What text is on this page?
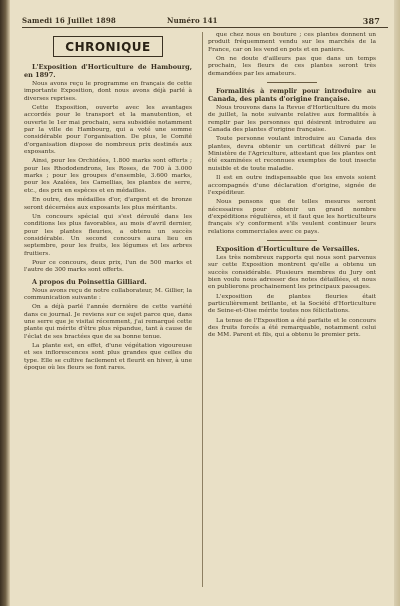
Samedi 16 Juillet 1898	Numéro 141	387
CHRONIQUE
L'Exposition d'Horticulture de Hambourg, en 1897.

Nous avons reçu le programme en français de cette importante Exposition, dont nous avons déjà parlé à diverses reprises.

Cette Exposition, ouverte avec les avantages accordés pour le transport et la manutention, et ouverte le 1er mai prochain, sera subsidiée notamment par la ville de Hambourg, qui a voté une somme considérable pour l'organisation. De plus, le Comité d'organisation dispose de nombreux prix destinés aux exposants.

Ainsi, pour les Orchidées, 1.800 marks sont offerts ; pour les Rhododendrons, les Roses, de 700 à 3.000 marks ; pour les groupes d'ensemble, 3.600 marks, pour les Azalées, les Camellias, les plantes de serre, etc., des prix en espèces et en médailles.

En outre, des médailles d'or, d'argent et de bronze seront décernées aux exposants les plus méritants.

Un concours spécial qui s'est déroulé dans les conditions les plus favorables, au mois d'avril dernier, pour les plantes fleuries, a obtenu un succès considérable. Un second concours aura lieu en septembre, pour les fruits, les légumes et les arbres fruitiers.

Pour ce concours, deux prix, l'un de 500 marks et l'autre de 300 marks sont offerts.

A propos du Poinsettia Gilliard.

Nous avons reçu de notre collaborateur, M. Gillier, la communication suivante :

On a déjà parlé l'année dernière de cette variété dans ce journal. Je reviens sur ce sujet parce que, dans une serre que je visitai récemment, j'ai remarqué cette plante qui mérite d'être plus répandue, tant à cause de l'éclat de ses bractées que de sa bonne tenue.

La plante est, en effet, d'une végétation vigoureuse et ses inflorescences sont plus grandes que celles du type. Elle se cultive facilement et fleurit en hiver, à une époque où les fleurs se font rares.

que chez nous en bouture ; ces plantes donnent un produit fréquemment vendu sur les marchés de la France, car on les vend en pots et en paniers.

On ne doute d'ailleurs pas que dans un temps prochain, les fleurs de ces plantes seront très demandées par les amateurs.

Formalités à remplir pour introduire au Canada, des plants d'origine française.

Nous trouvons dans la Revue d'Horticulture du mois de juillet, la note suivante relative aux formalités à remplir par les personnes qui désirent introduire au Canada des plantes d'origine française.

Toute personne voulant introduire au Canada des plantes, devra obtenir un certificat délivré par le Ministère de l'Agriculture, attestant que les plantes ont été examinées et reconnues exemptes de tout insecte nuisible et de toute maladie.

Il est en outre indispensable que les envois soient accompagnés d'une déclaration d'origine, signée de l'expéditeur.

Nous pensons que de telles mesures seront nécessaires pour obtenir un grand nombre d'expéditions régulières, et il faut que les horticulteurs français s'y conforment s'ils veulent continuer leurs relations commerciales avec ce pays.

Exposition d'Horticulture de Versailles.

Les très nombreux rapports qui nous sont parvenus sur cette Exposition montrent qu'elle a obtenu un succès considérable. Plusieurs membres du Jury ont bien voulu nous adresser des notes détaillées, et nous en publierons prochainement les principaux passages.

L'exposition de plantes fleuries était particulièrement brillante, et la Société d'Horticulture de Seine-et-Oise mérite toutes nos félicitations.

La tenue de l'Exposition a été parfaite et le concours des fruits forcés a été remarquable, notamment celui de MM. Parent et fils, qui a obtenu le premier prix.
